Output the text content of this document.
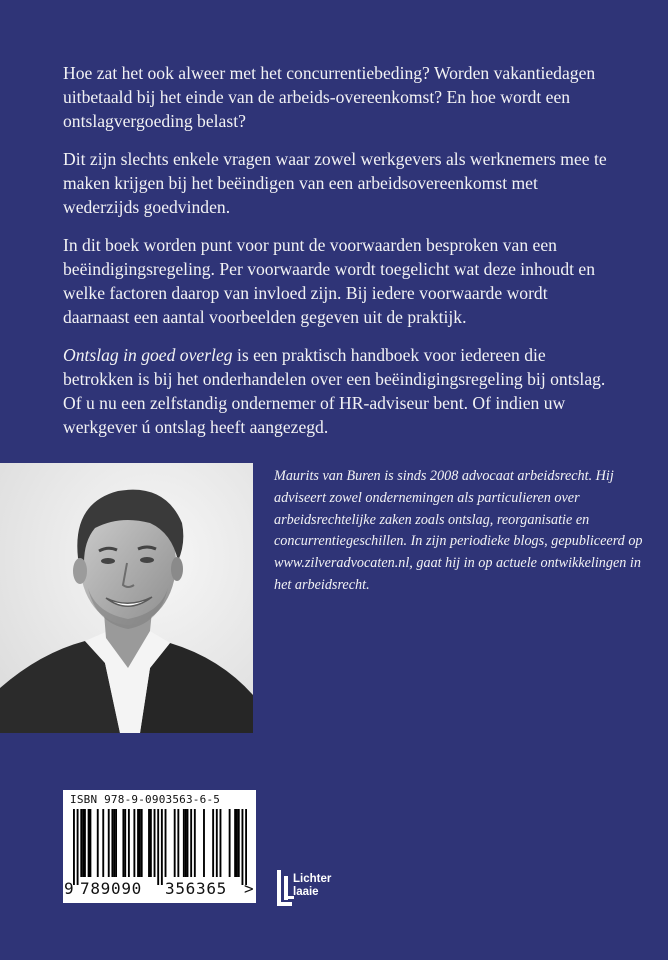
Hoe zat het ook alweer met het concurrentiebeding? Worden vakantiedagen uitbetaald bij het einde van de arbeids-overeenkomst? En hoe wordt een ontslagvergoeding belast?

Dit zijn slechts enkele vragen waar zowel werkgevers als werknemers mee te maken krijgen bij het beëindigen van een arbeidsovereenkomst met wederzijds goedvinden.

In dit boek worden punt voor punt de voorwaarden besproken van een beëindigingsregeling. Per voorwaarde wordt toegelicht wat deze inhoudt en welke factoren daarop van invloed zijn. Bij iedere voorwaarde wordt daarnaast een aantal voorbeelden gegeven uit de praktijk.

Ontslag in goed overleg is een praktisch handboek voor iedereen die betrokken is bij het onderhandelen over een beëindigingsregeling bij ontslag. Of u nu een zelfstandig ondernemer of HR-adviseur bent. Of indien uw werkgever ú ontslag heeft aangezegd.

Maurits van Buren is sinds 2008 advocaat arbeidsrecht. Hij adviseert zowel ondernemingen als particulieren over arbeidsrechtelijke zaken zoals ontslag, reorganisatie en concurrentiegeschillen. In zijn periodieke blogs, gepubliceerd op www.zilveradvocaten.nl, gaat hij in op actuele ontwikkelingen in het arbeidsrecht.
ISBN 978-9-0903563-6-5
9 789090 356365 >	Lichter
laaie
